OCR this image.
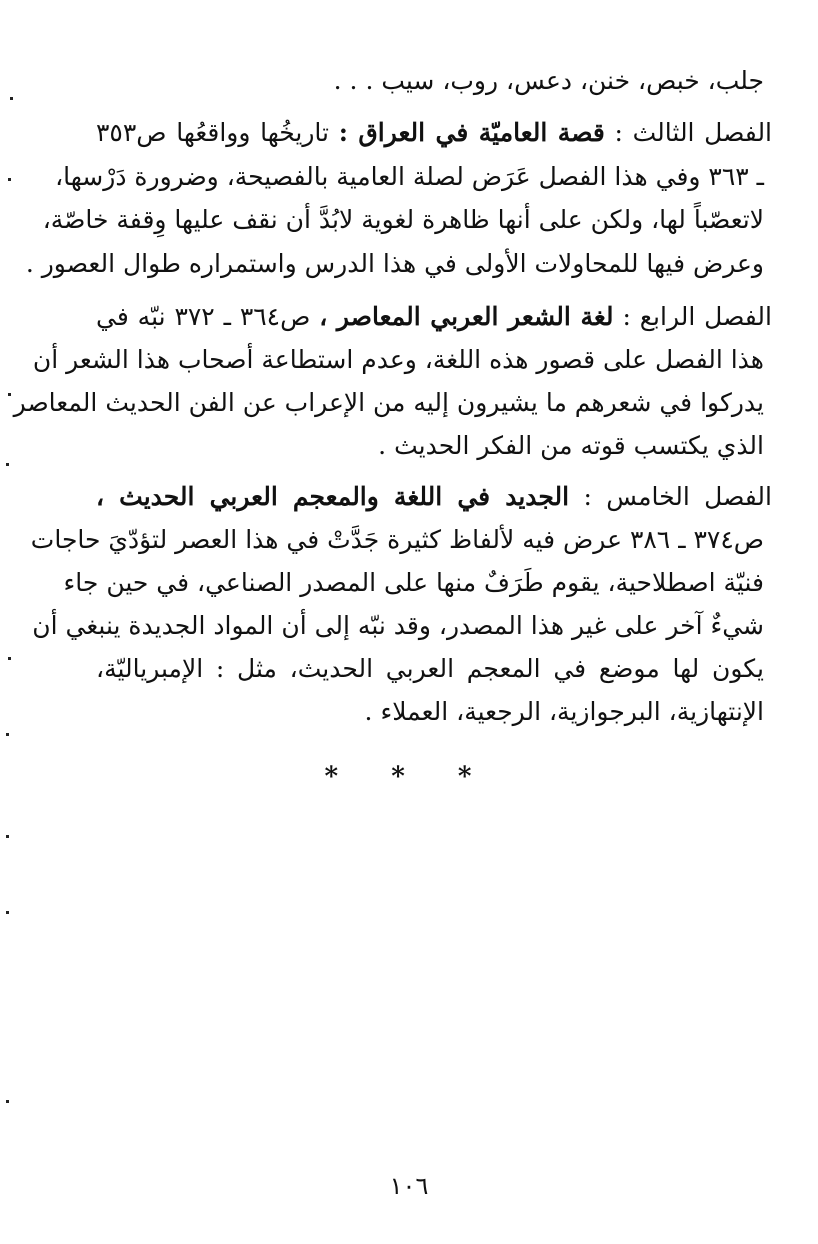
جلب، خبص، خنن، دعس، روب، سيب . . .
الفصل الثالث : قصة العاميّة في العراق : تاريخُها وواقعُها ص٣٥٣
ـ ٣٦٣ وفي هذا الفصل عَرَض لصلة العامية بالفصيحة، وضرورة دَرْسها،
لاتعصّباً لها، ولكن على أنها ظاهرة لغوية لابُدَّ أن نقف عليها وِقفة خاصّة،
وعرض فيها للمحاولات الأولى في هذا الدرس واستمراره طوال العصور .
الفصل الرابع : لغة الشعر العربي المعاصر ، ص٣٦٤ ـ ٣٧٢ نبّه في
هذا الفصل على قصور هذه اللغة، وعدم استطاعة أصحاب هذا الشعر أن
يدركوا في شعرهم ما يشيرون إليه من الإعراب عن الفن الحديث المعاصر
الذي يكتسب قوته من الفكر الحديث .
الفصل الخامس : الجديد في اللغة والمعجم العربي الحديث ،
ص٣٧٤ ـ ٣٨٦ عرض فيه لألفاظ كثيرة جَدَّتْ في هذا العصر لتؤدّيَ حاجات
فنيّة اصطلاحية، يقوم طَرَفٌ منها على المصدر الصناعي، في حين جاء
شيءٌ آخر على غير هذا المصدر، وقد نبّه إلى أن المواد الجديدة ينبغي أن
يكون لها موضع في المعجم العربي الحديث، مثل : الإمبرياليّة،
الإنتهازية، البرجوازية، الرجعية، العملاء .
* * *
١٠٦
